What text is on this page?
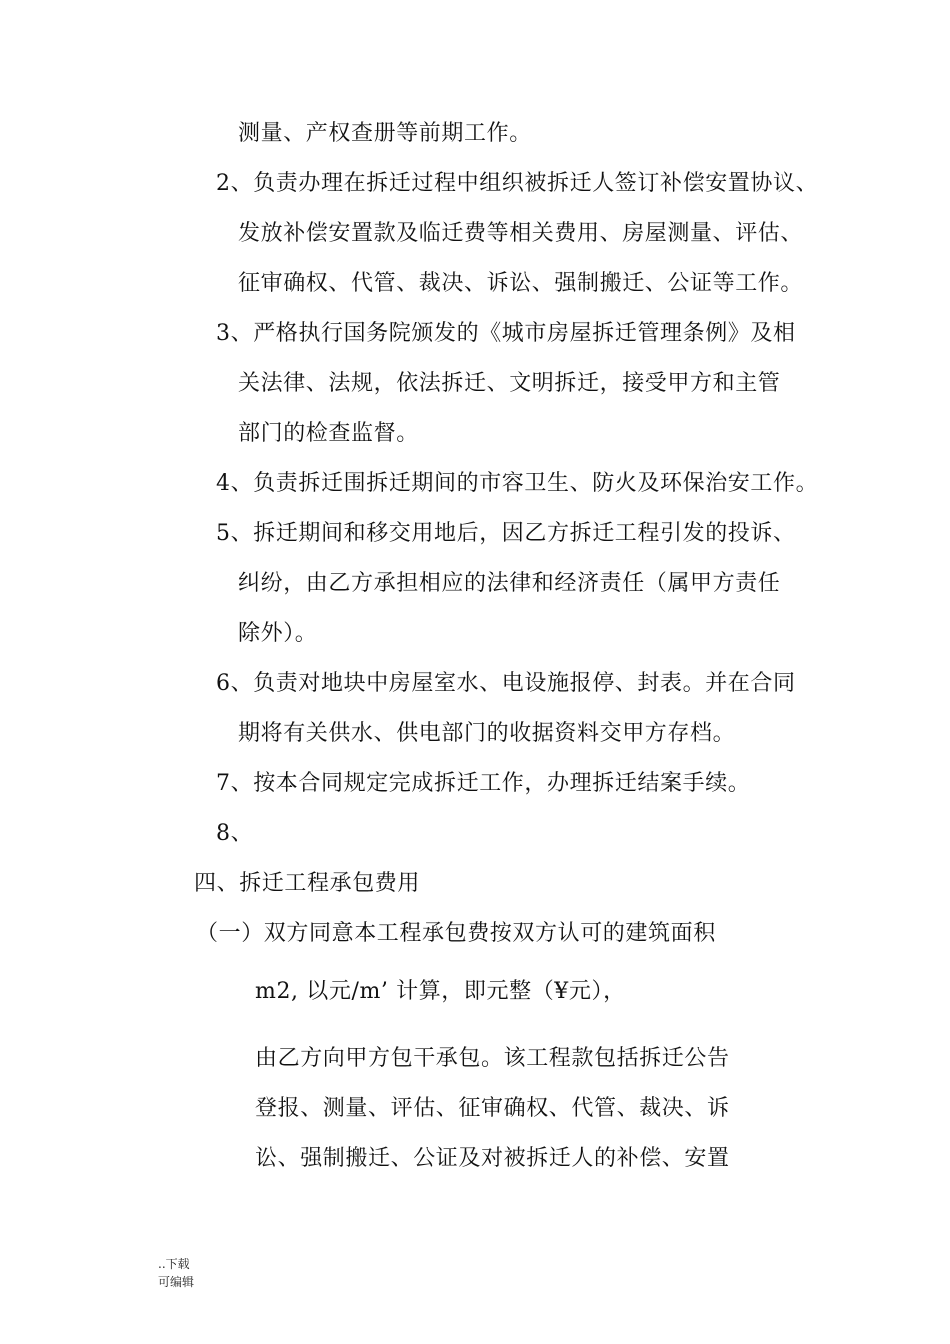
测量、产权查册等前期工作。
2、负责办理在拆迁过程中组织被拆迁人签订补偿安置协议、
发放补偿安置款及临迁费等相关费用、房屋测量、评估、
征审确权、代管、裁决、诉讼、强制搬迁、公证等工作。
3、严格执行国务院颁发的《城市房屋拆迁管理条例》及相
关法律、法规，依法拆迁、文明拆迁，接受甲方和主管
部门的检查监督。
4、负责拆迁围拆迁期间的市容卫生、防火及环保治安工作。
5、拆迁期间和移交用地后，因乙方拆迁工程引发的投诉、
纠纷，由乙方承担相应的法律和经济责任（属甲方责任
除外）。
6、负责对地块中房屋室水、电设施报停、封表。并在合同
期将有关供水、供电部门的收据资料交甲方存档。
7、按本合同规定完成拆迁工作，办理拆迁结案手续。
8、
四、拆迁工程承包费用
（一）双方同意本工程承包费按双方认可的建筑面积
m2, 以元/m’ 计算，即元整（¥元），
由乙方向甲方包干承包。该工程款包括拆迁公告
登报、测量、评估、征审确权、代管、裁决、诉
讼、强制搬迁、公证及对被拆迁人的补偿、安置
..下载
可编辑
